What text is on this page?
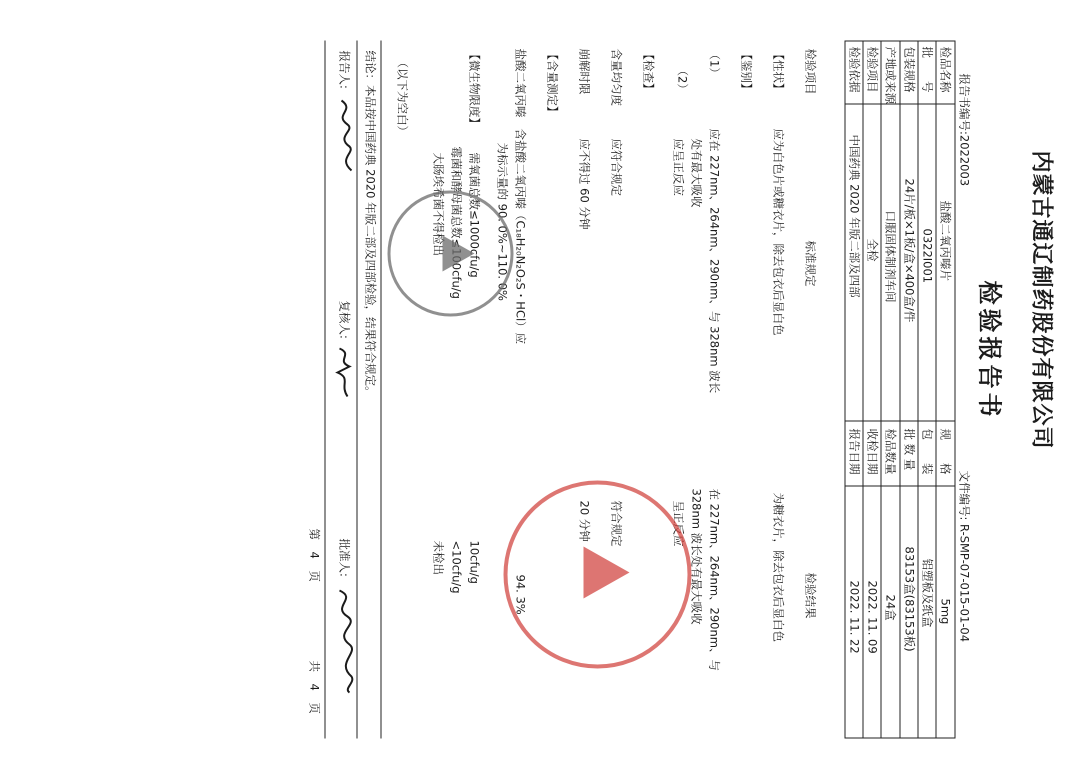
内蒙古通辽制药股份有限公司
检验报告书
报告书编号:2022003
文件编号: R-SMP-07-015-01-04
检品名称
盐酸二氧丙嗪片
规　　格
5mg
批　　号
0322I001
包　　装
铝塑板及纸盒
包装规格
24片/板×1板/盒×400盒/件
批 数 量
83153盒(83153板)
产地或来源
口服固体制剂车间
检品数量
24盒
检验项目
全检
收检日期
2022. 11. 09
检验依据
中国药典 2020 年版二部及四部
报告日期
2022. 11. 22
检验项目
标准规定
检验结果
【性状】
应为白色片或糖衣片，除去包衣后显白色
为糖衣片，除去包衣后显白色
【鉴别】
（1）
应在 227nm、264nm、290nm、与 328nm 波长
处有最大吸收
在 227nm、264nm、290nm、与
328nm 波长处有最大吸收
（2）
应呈正反应
呈正反应
【检查】
含量均匀度
应符合规定
符合规定
崩解时限
应不得过 60 分钟
20 分钟
【含量测定】
盐酸二氧丙嗪
含盐酸二氧丙嗪（C₁₈H₂₀N₂O₂S・HCl）应
为标示量的 90. 0%~110. 0%
94. 3%
【微生物限度】
需氧菌总数≤1000cfu/g
霉菌和酵母菌总数≤100cfu/g
大肠埃希菌不得检出
10cfu/g
<10cfu/g
未检出
（以下为空白）
结论：本品按中国药典 2020 年版二部及四部检验，结果符合规定。
报告人:
复核人:
批准人:
第　4　页
共　4　页
